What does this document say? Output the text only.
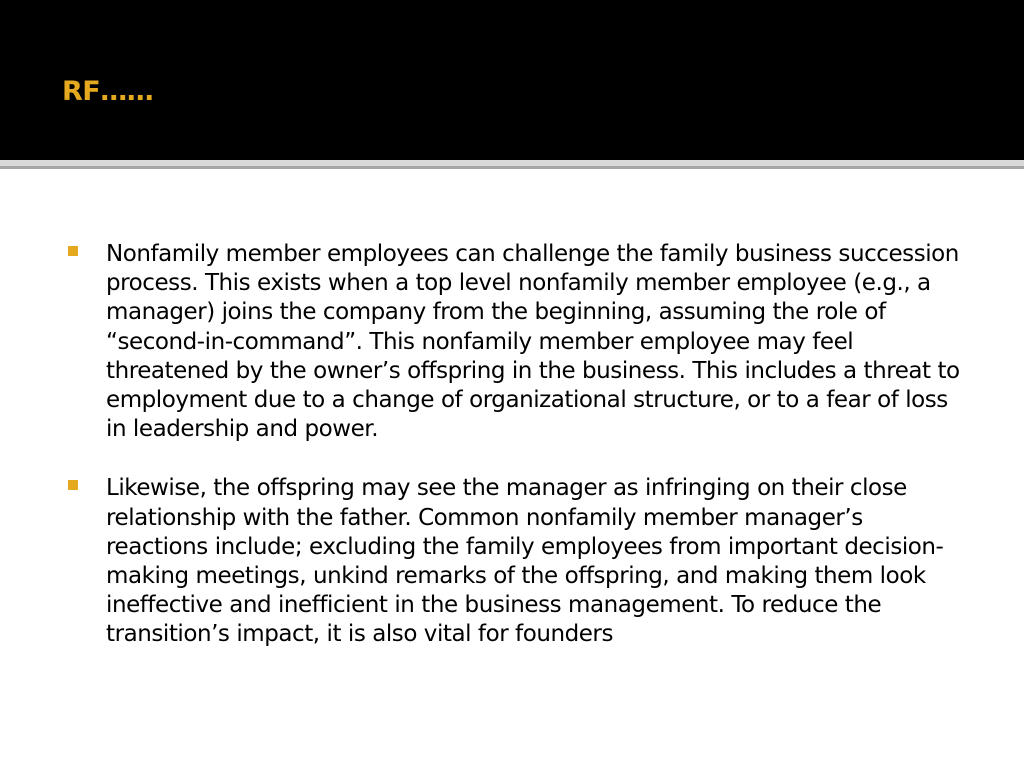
RF……
Nonfamily member employees can challenge the family business succession process. This exists when a top level nonfamily member employee (e.g., a manager) joins the company from the beginning, assuming the role of “second-in-command”. This nonfamily member employee may feel threatened by the owner’s offspring in the business. This includes a threat to employment due to a change of organizational structure, or to a fear of loss in leadership and power.
Likewise, the offspring may see the manager as infringing on their close relationship with the father. Common nonfamily member manager’s reactions include; excluding the family employees from important decision-making meetings, unkind remarks of the offspring, and making them look ineffective and inefficient in the business management. To reduce the transition’s impact, it is also vital for founders
